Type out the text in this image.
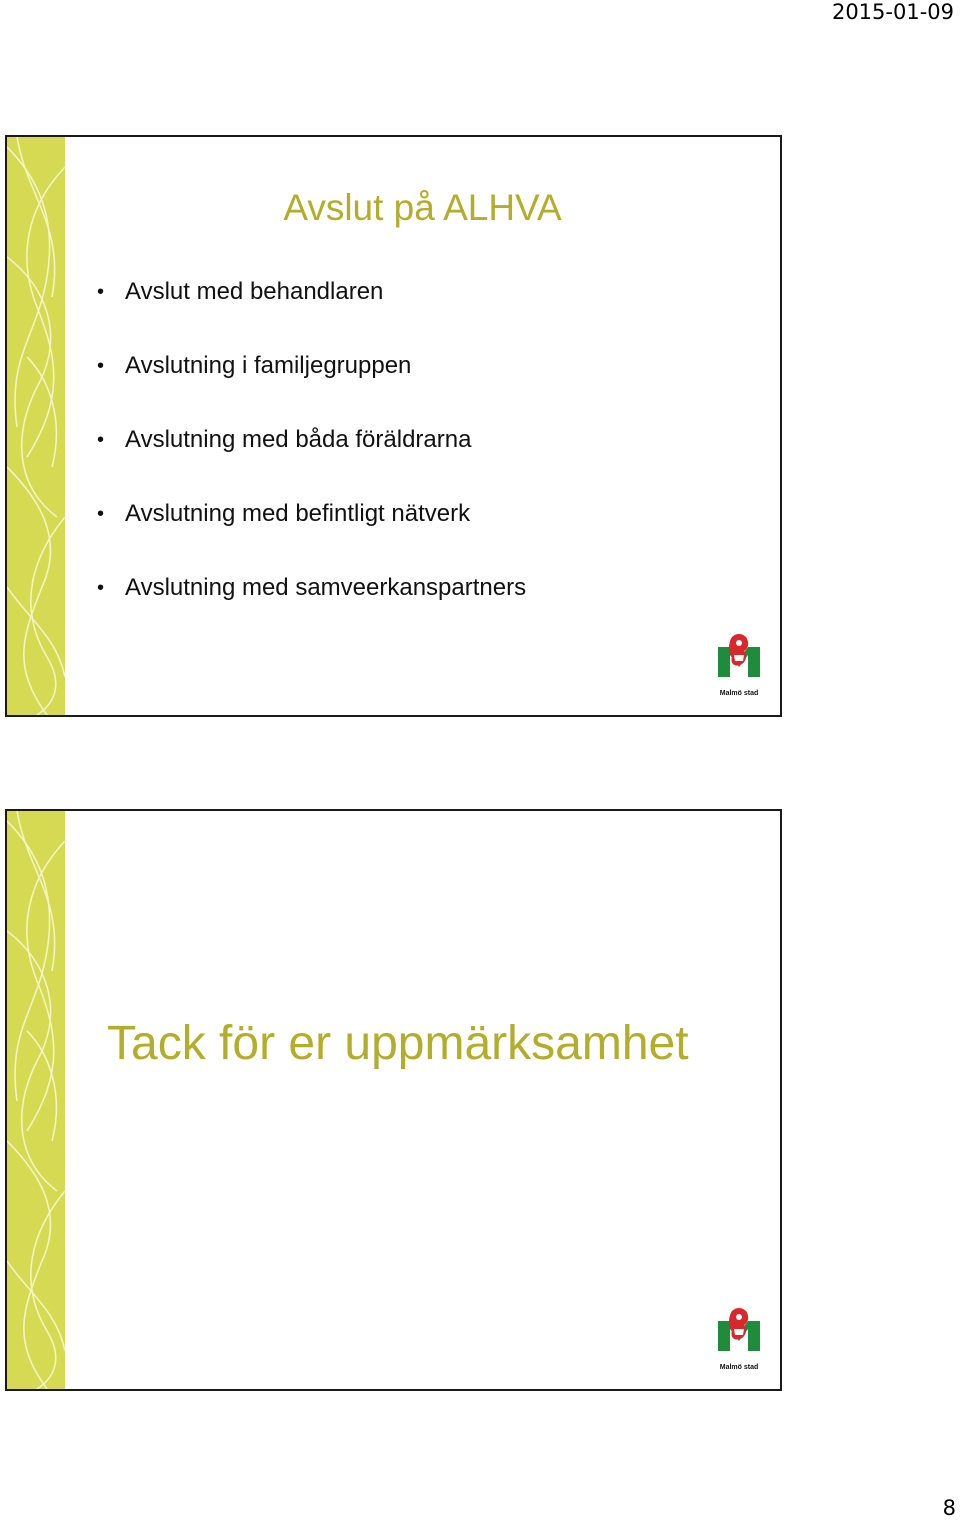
2015-01-09
Avslut på ALHVA
• Avslut med behandlaren
• Avslutning i familjegruppen
• Avslutning med båda föräldrarna
• Avslutning med befintligt nätverk
• Avslutning med samveerkanspartners
Malmö stad
Tack för er uppmärksamhet
Malmö stad
8
